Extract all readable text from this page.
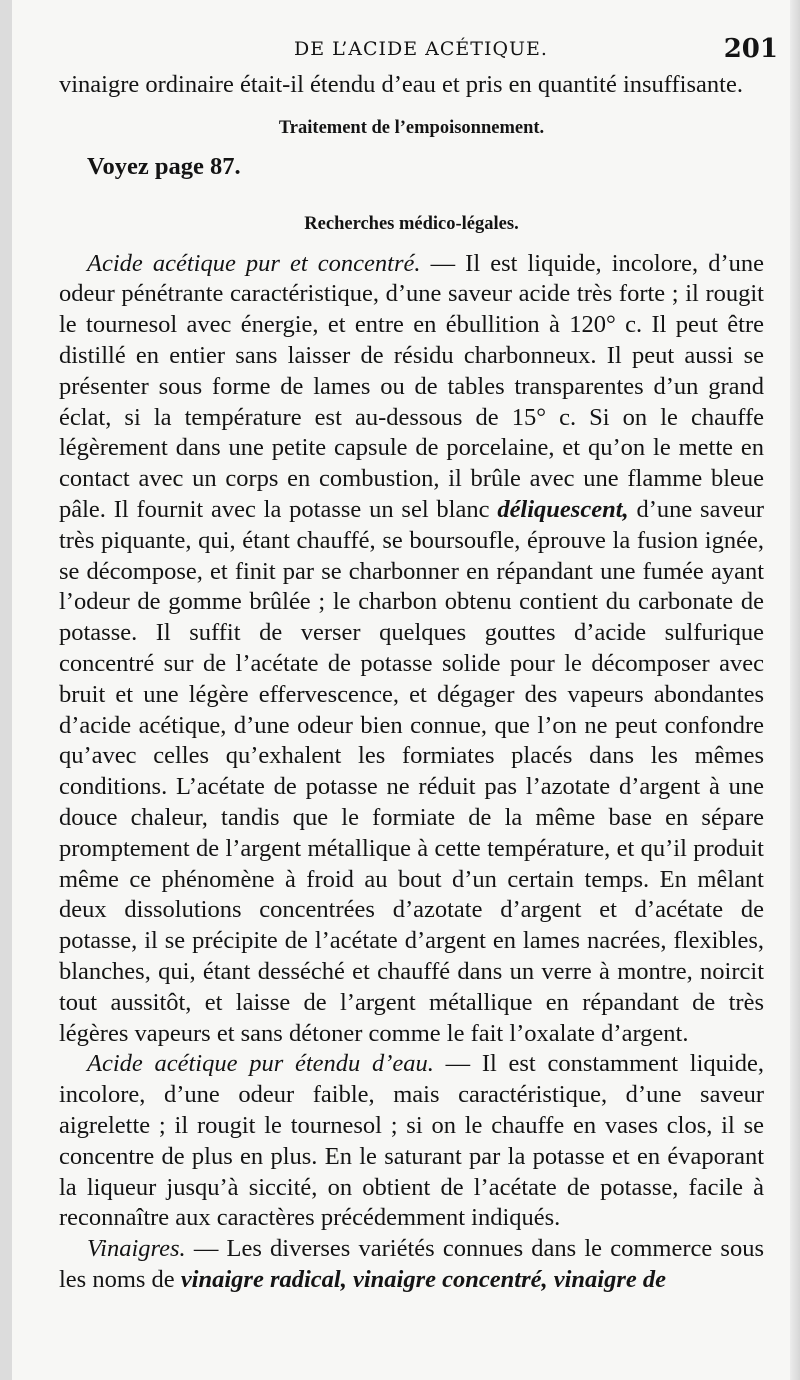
DE L’ACIDE ACÉTIQUE.	201

vinaigre ordinaire était-il étendu d’eau et pris en quantité insuffisante.

Traitement de l’empoisonnement.

Voyez page 87.

Recherches médico-légales.

Acide acétique pur et concentré. — Il est liquide, incolore, d’une odeur pénétrante caractéristique, d’une saveur acide très forte ; il rougit le tournesol avec énergie, et entre en ébullition à 120° c. Il peut être distillé en entier sans laisser de résidu charbonneux. Il peut aussi se présenter sous forme de lames ou de tables transparentes d’un grand éclat, si la température est au-dessous de 15° c. Si on le chauffe légèrement dans une petite capsule de porcelaine, et qu’on le mette en contact avec un corps en combustion, il brûle avec une flamme bleue pâle. Il fournit avec la potasse un sel blanc déliquescent, d’une saveur très piquante, qui, étant chauffé, se boursoufle, éprouve la fusion ignée, se décompose, et finit par se charbonner en répandant une fumée ayant l’odeur de gomme brûlée ; le charbon obtenu contient du carbonate de potasse. Il suffit de verser quelques gouttes d’acide sulfurique concentré sur de l’acétate de potasse solide pour le décomposer avec bruit et une légère effervescence, et dégager des vapeurs abondantes d’acide acétique, d’une odeur bien connue, que l’on ne peut confondre qu’avec celles qu’exhalent les formiates placés dans les mêmes conditions. L’acétate de potasse ne réduit pas l’azotate d’argent à une douce chaleur, tandis que le formiate de la même base en sépare promptement de l’argent métallique à cette température, et qu’il produit même ce phénomène à froid au bout d’un certain temps. En mêlant deux dissolutions concentrées d’azotate d’argent et d’acétate de potasse, il se précipite de l’acétate d’argent en lames nacrées, flexibles, blanches, qui, étant desséché et chauffé dans un verre à montre, noircit tout aussitôt, et laisse de l’argent métallique en répandant de très légères vapeurs et sans détoner comme le fait l’oxalate d’argent.

Acide acétique pur étendu d’eau. — Il est constamment liquide, incolore, d’une odeur faible, mais caractéristique, d’une saveur aigrelette ; il rougit le tournesol ; si on le chauffe en vases clos, il se concentre de plus en plus. En le saturant par la potasse et en évaporant la liqueur jusqu’à siccité, on obtient de l’acétate de potasse, facile à reconnaître aux caractères précédemment indiqués.

Vinaigres. — Les diverses variétés connues dans le commerce sous les noms de vinaigre radical, vinaigre concentré, vinaigre de
